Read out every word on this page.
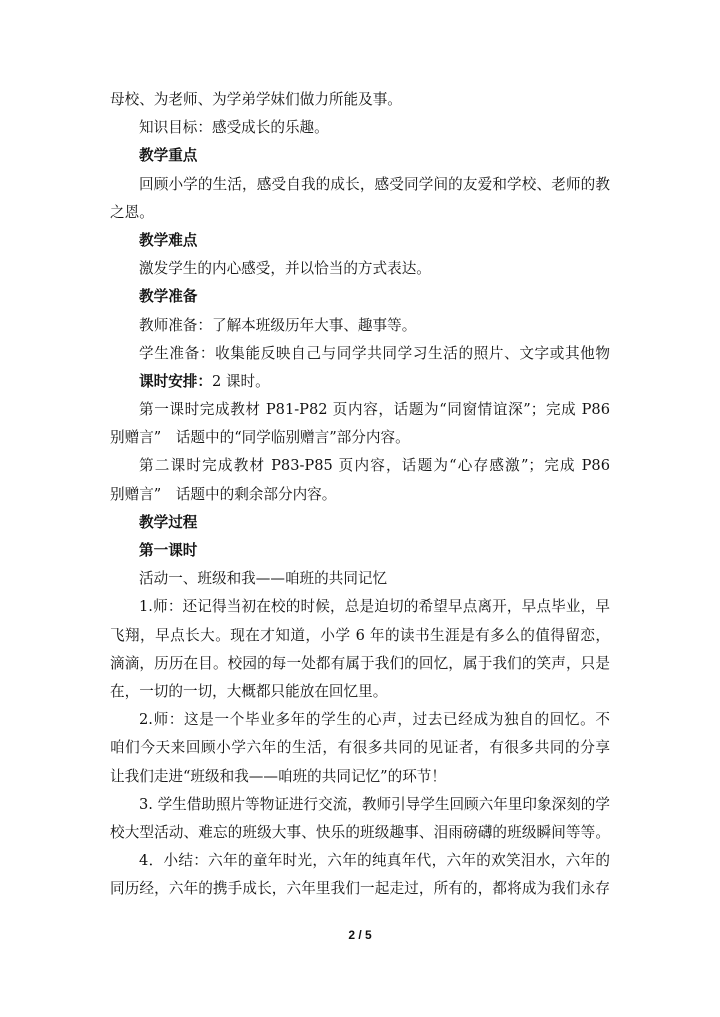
母校、为老师、为学弟学妹们做力所能及事。
知识目标：感受成长的乐趣。
教学重点
回顾小学的生活，感受自我的成长，感受同学间的友爱和学校、老师的教
之恩。
教学难点
激发学生的内心感受，并以恰当的方式表达。
教学准备
教师准备：了解本班级历年大事、趣事等。
学生准备：收集能反映自己与同学共同学习生活的照片、文字或其他物
课时安排：2 课时。
第一课时完成教材 P81-P82 页内容，话题为“同窗情谊深”；完成 P86
别赠言”　话题中的“同学临别赠言”部分内容。
第二课时完成教材 P83-P85 页内容，话题为“心存感激”；完成 P86
别赠言”　话题中的剩余部分内容。
教学过程
第一课时
活动一、班级和我——咱班的共同记忆
1.师：还记得当初在校的时候，总是迫切的希望早点离开，早点毕业，早
飞翔，早点长大。现在才知道，小学 6 年的读书生涯是有多么的值得留恋，
滴滴，历历在目。校园的每一处都有属于我们的回忆，属于我们的笑声，只是
在，一切的一切，大概都只能放在回忆里。
2.师：这是一个毕业多年的学生的心声，过去已经成为独自的回忆。不
咱们今天来回顾小学六年的生活，有很多共同的见证者，有很多共同的分享
让我们走进“班级和我——咱班的共同记忆”的环节！
3. 学生借助照片等物证进行交流，教师引导学生回顾六年里印象深刻的学
校大型活动、难忘的班级大事、快乐的班级趣事、泪雨磅礴的班级瞬间等等。
4．小结：六年的童年时光，六年的纯真年代，六年的欢笑泪水，六年的
同历经，六年的携手成长，六年里我们一起走过，所有的，都将成为我们永存
2 / 5
